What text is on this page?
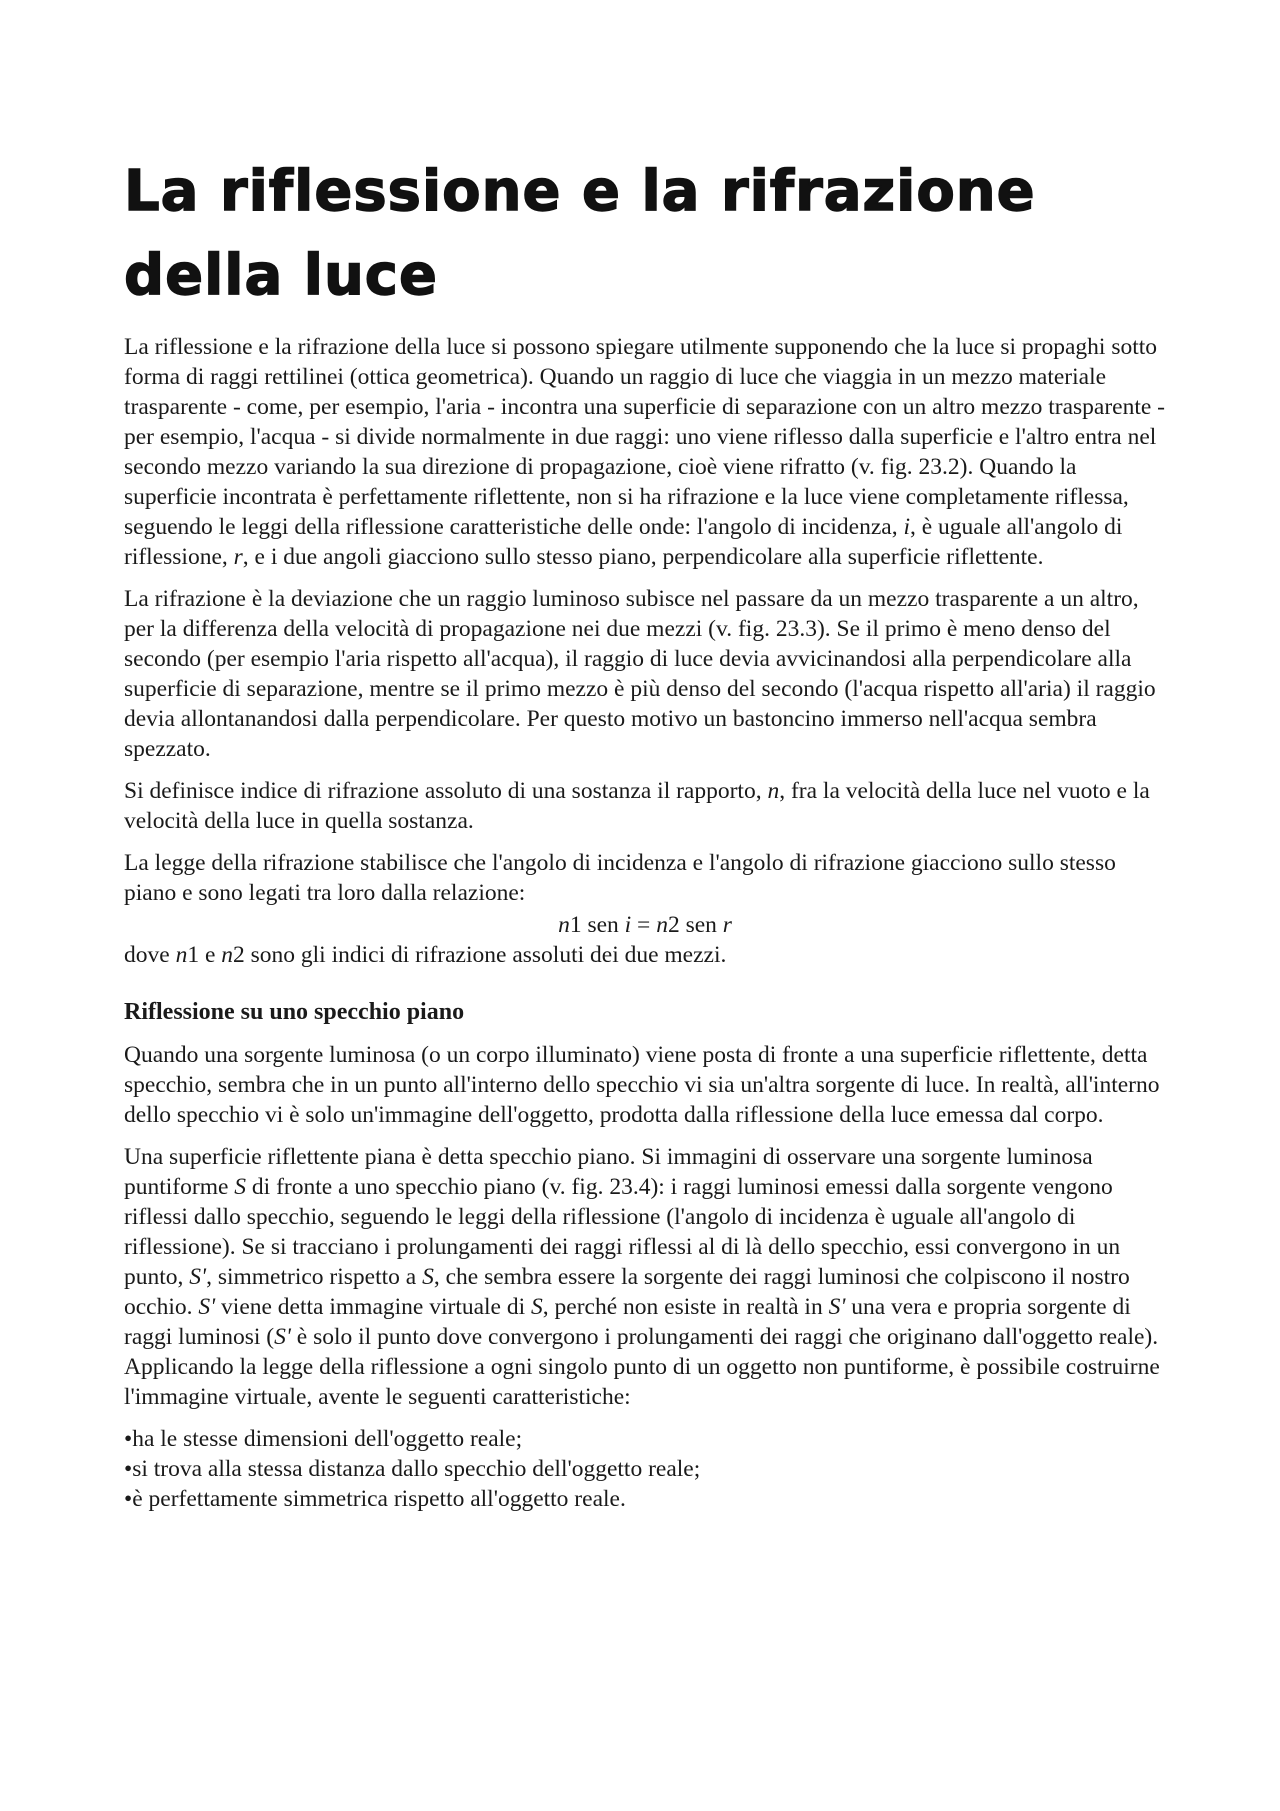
La riflessione e la rifrazione della luce

La riflessione e la rifrazione della luce si possono spiegare utilmente supponendo che la luce si propaghi sotto forma di raggi rettilinei (ottica geometrica). Quando un raggio di luce che viaggia in un mezzo materiale trasparente - come, per esempio, l'aria - incontra una superficie di separazione con un altro mezzo trasparente - per esempio, l'acqua - si divide normalmente in due raggi: uno viene riflesso dalla superficie e l'altro entra nel secondo mezzo variando la sua direzione di propagazione, cioè viene rifratto (v. fig. 23.2). Quando la superficie incontrata è perfettamente riflettente, non si ha rifrazione e la luce viene completamente riflessa, seguendo le leggi della riflessione caratteristiche delle onde: l'angolo di incidenza, i, è uguale all'angolo di riflessione, r, e i due angoli giacciono sullo stesso piano, perpendicolare alla superficie riflettente.

La rifrazione è la deviazione che un raggio luminoso subisce nel passare da un mezzo trasparente a un altro, per la differenza della velocità di propagazione nei due mezzi (v. fig. 23.3). Se il primo è meno denso del secondo (per esempio l'aria rispetto all'acqua), il raggio di luce devia avvicinandosi alla perpendicolare alla superficie di separazione, mentre se il primo mezzo è più denso del secondo (l'acqua rispetto all'aria) il raggio devia allontanandosi dalla perpendicolare. Per questo motivo un bastoncino immerso nell'acqua sembra spezzato.

Si definisce indice di rifrazione assoluto di una sostanza il rapporto, n, fra la velocità della luce nel vuoto e la velocità della luce in quella sostanza.

La legge della rifrazione stabilisce che l'angolo di incidenza e l'angolo di rifrazione giacciono sullo stesso piano e sono legati tra loro dalla relazione:

n1 sen i = n2 sen r

dove n1 e n2 sono gli indici di rifrazione assoluti dei due mezzi.

Riflessione su uno specchio piano

Quando una sorgente luminosa (o un corpo illuminato) viene posta di fronte a una superficie riflettente, detta specchio, sembra che in un punto all'interno dello specchio vi sia un'altra sorgente di luce. In realtà, all'interno dello specchio vi è solo un'immagine dell'oggetto, prodotta dalla riflessione della luce emessa dal corpo.

Una superficie riflettente piana è detta specchio piano. Si immagini di osservare una sorgente luminosa puntiforme S di fronte a uno specchio piano (v. fig. 23.4): i raggi luminosi emessi dalla sorgente vengono riflessi dallo specchio, seguendo le leggi della riflessione (l'angolo di incidenza è uguale all'angolo di riflessione). Se si tracciano i prolungamenti dei raggi riflessi al di là dello specchio, essi convergono in un punto, S', simmetrico rispetto a S, che sembra essere la sorgente dei raggi luminosi che colpiscono il nostro occhio. S' viene detta immagine virtuale di S, perché non esiste in realtà in S' una vera e propria sorgente di raggi luminosi (S' è solo il punto dove convergono i prolungamenti dei raggi che originano dall'oggetto reale).

Applicando la legge della riflessione a ogni singolo punto di un oggetto non puntiforme, è possibile costruirne l'immagine virtuale, avente le seguenti caratteristiche:

•ha le stesse dimensioni dell'oggetto reale;
•si trova alla stessa distanza dallo specchio dell'oggetto reale;
•è perfettamente simmetrica rispetto all'oggetto reale.
